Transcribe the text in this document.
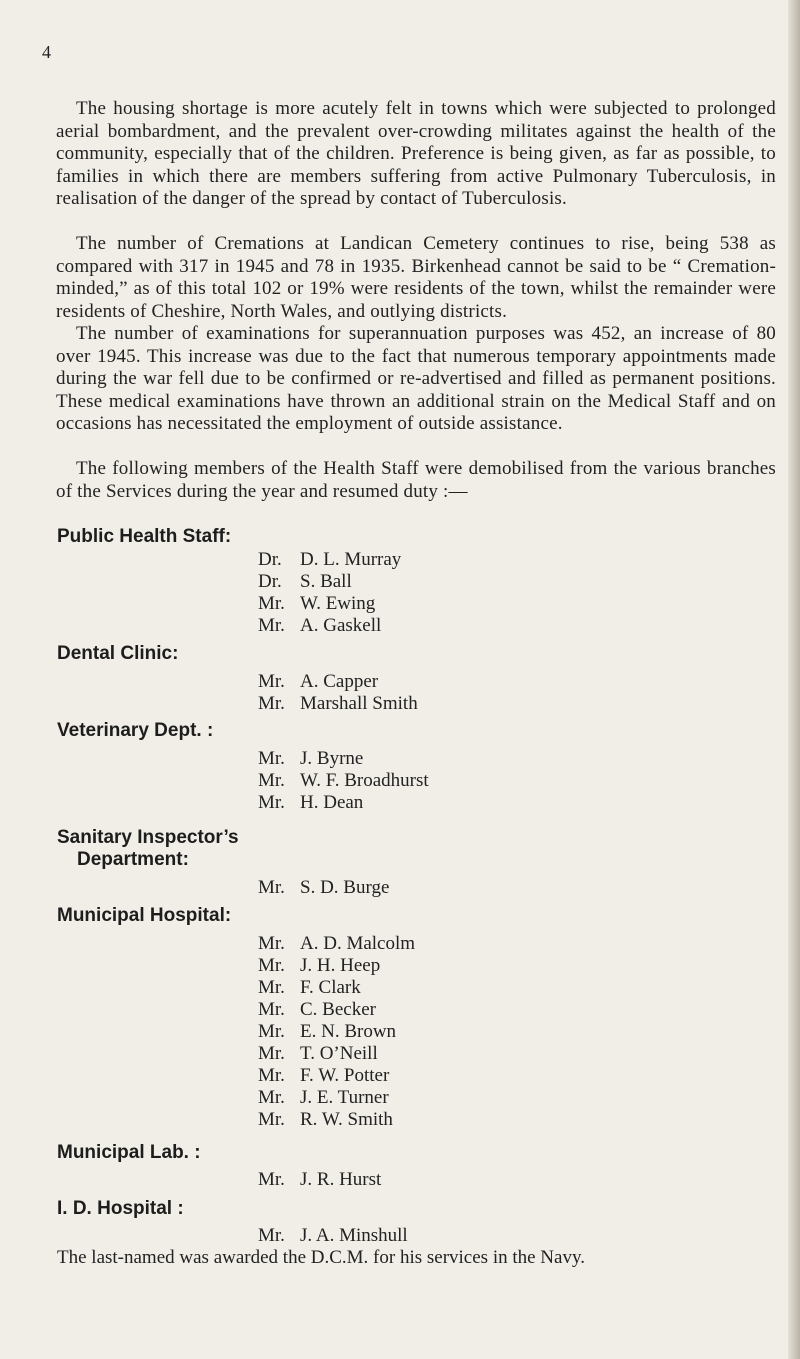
4

The housing shortage is more acutely felt in towns which were subjected to prolonged aerial bombardment, and the prevalent over-crowding militates against the health of the community, especially that of the children. Preference is being given, as far as possible, to families in which there are members suffering from active Pulmonary Tuberculosis, in realisation of the danger of the spread by contact of Tuberculosis.

The number of Cremations at Landican Cemetery continues to rise, being 538 as compared with 317 in 1945 and 78 in 1935. Birkenhead cannot be said to be “ Cremation-minded,” as of this total 102 or 19% were residents of the town, whilst the remainder were residents of Cheshire, North Wales, and outlying districts.

The number of examinations for superannuation purposes was 452, an increase of 80 over 1945. This increase was due to the fact that numerous temporary appointments made during the war fell due to be confirmed or re-advertised and filled as permanent positions. These medical examinations have thrown an additional strain on the Medical Staff and on occasions has necessitated the employment of outside assistance.

The following members of the Health Staff were demobilised from the various branches of the Services during the year and resumed duty :—

Public Health Staff:
Dr. D. L. Murray
Dr. S. Ball
Mr. W. Ewing
Mr. A. Gaskell
Dental Clinic:
Mr. A. Capper
Mr. Marshall Smith
Veterinary Dept. :
Mr. J. Byrne
Mr. W. F. Broadhurst
Mr. H. Dean
Sanitary Inspector’s
Department:
Mr. S. D. Burge
Municipal Hospital:
Mr. A. D. Malcolm
Mr. J. H. Heep
Mr. F. Clark
Mr. C. Becker
Mr. E. N. Brown
Mr. T. O’Neill
Mr. F. W. Potter
Mr. J. E. Turner
Mr. R. W. Smith
Municipal Lab. :
Mr. J. R. Hurst
I. D. Hospital :
Mr. J. A. Minshull
The last-named was awarded the D.C.M. for his services in the Navy.
